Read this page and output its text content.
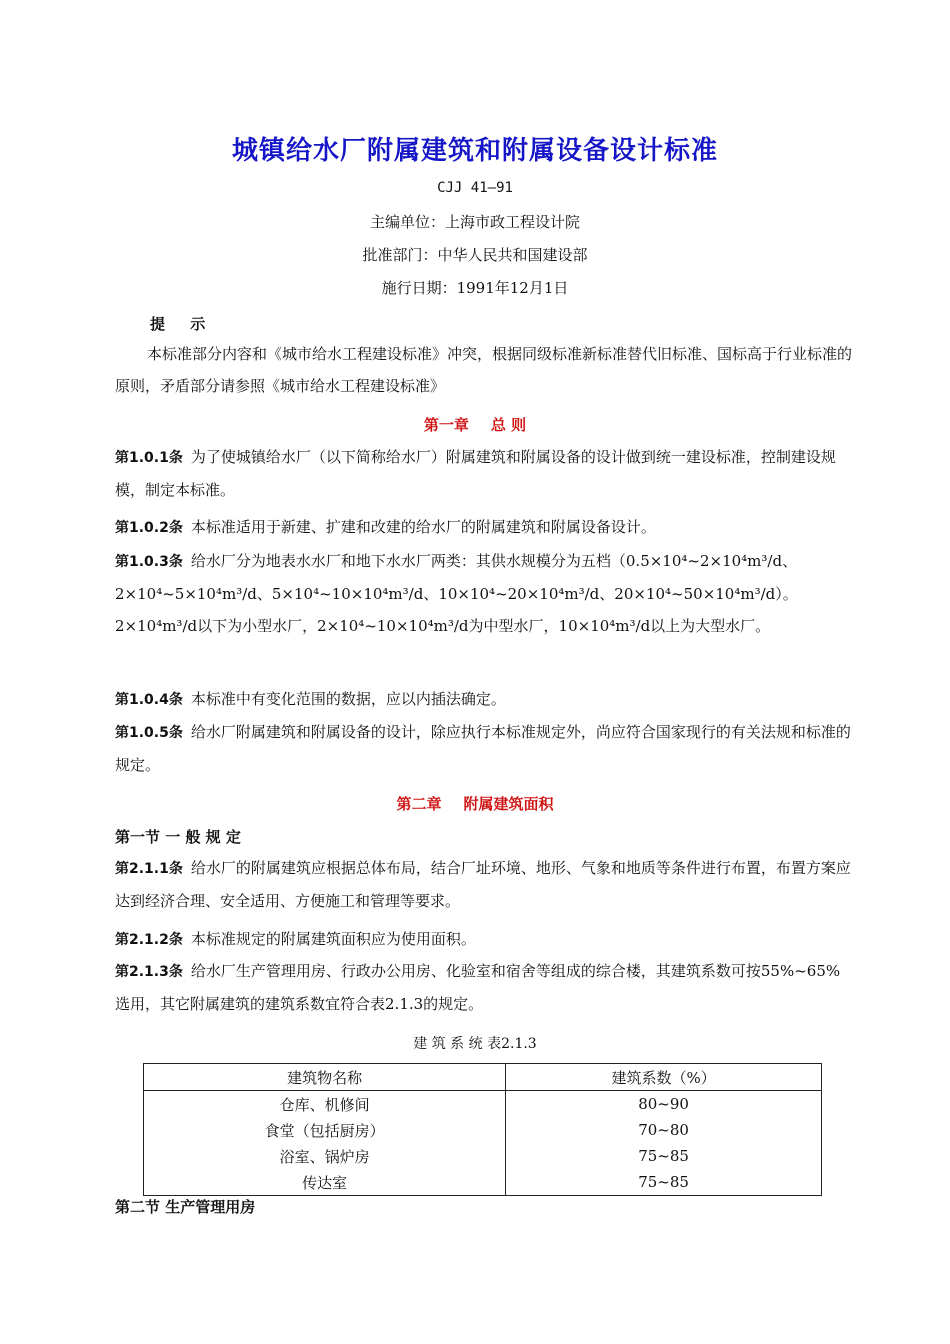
城镇给水厂附属建筑和附属设备设计标准
CJJ 41—91
主编单位：上海市政工程设计院
批准部门：中华人民共和国建设部
施行日期：1991年12月1日
提 示

本标准部分内容和《城市给水工程建设标准》冲突，根据同级标准新标准替代旧标准、国标高于行业标准的原则，矛盾部分请参照《城市给水工程建设标准》

第一章 总 则

第1.0.1条 为了使城镇给水厂（以下简称给水厂）附属建筑和附属设备的设计做到统一建设标准，控制建设规模，制定本标准。

第1.0.2条 本标准适用于新建、扩建和改建的给水厂的附属建筑和附属设备设计。

第1.0.3条 给水厂分为地表水水厂和地下水水厂两类：其供水规模分为五档（0.5×10⁴~2×10⁴m³/d、2×10⁴~5×10⁴m³/d、5×10⁴~10×10⁴m³/d、10×10⁴~20×10⁴m³/d、20×10⁴~50×10⁴m³/d）。2×10⁴m³/d以下为小型水厂，2×10⁴~10×10⁴m³/d为中型水厂，10×10⁴m³/d以上为大型水厂。

第1.0.4条 本标准中有变化范围的数据，应以内插法确定。

第1.0.5条 给水厂附属建筑和附属设备的设计，除应执行本标准规定外，尚应符合国家现行的有关法规和标准的规定。

第二章 附属建筑面积
第一节 一 般 规 定

第2.1.1条 给水厂的附属建筑应根据总体布局，结合厂址环境、地形、气象和地质等条件进行布置，布置方案应达到经济合理、安全适用、方便施工和管理等要求。

第2.1.2条 本标准规定的附属建筑面积应为使用面积。

第2.1.3条 给水厂生产管理用房、行政办公用房、化验室和宿舍等组成的综合楼，其建筑系数可按55%~65%选用，其它附属建筑的建筑系数宜符合表2.1.3的规定。

建 筑 系 统 表2.1.3
建筑物名称	建筑系数（%）
仓库、机修间	80~90
食堂（包括厨房）	70~80
浴室、锅炉房	75~85
传达室	75~85
第二节 生产管理用房
